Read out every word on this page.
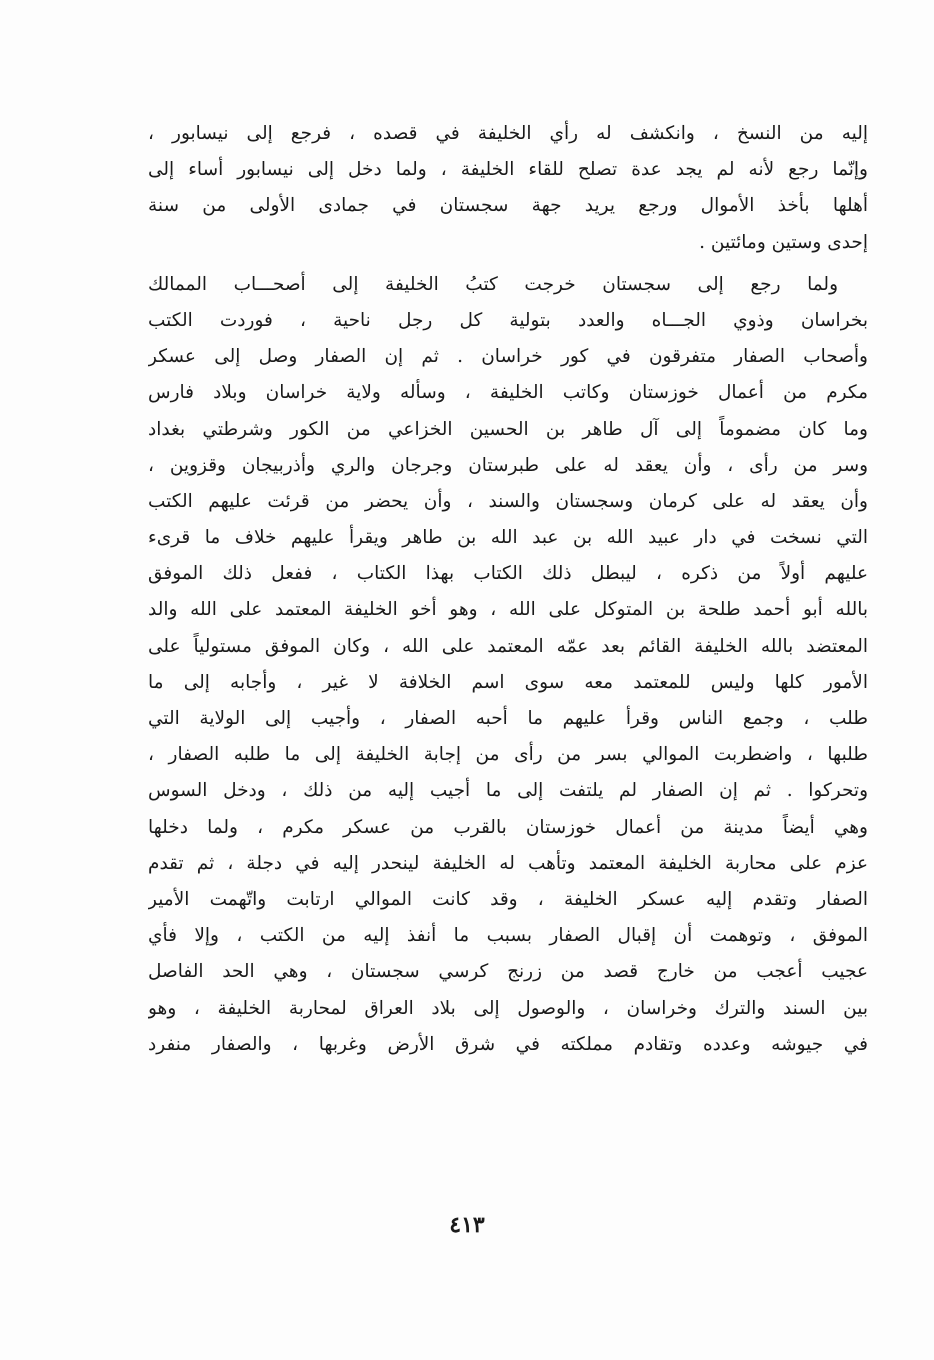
إليه من النسخ ، وانكشف له رأي الخليفة في قصده ، فرجع إلى نيسابور ،
وإنّما رجع لأنه لم يجد عدة تصلح للقاء الخليفة ، ولما دخل إلى نيسابور أساء إلى
أهلها بأخذ الأموال ورجع يريد جهة سجستان في جمادى الأولى من سنة
إحدى وستين ومائتين .

ولما رجع إلى سجستان خرجت كتبُ الخليفة إلى أصحـــاب الممالك
بخراسان وذوي الجـــاه والعدد بتولية كل رجل ناحية ، فوردت الكتب
وأصحاب الصفار متفرقون في كور خراسان . ثم إن الصفار وصل إلى عسكر
مكرم من أعمال خوزستان وكاتب الخليفة ، وسأله ولاية خراسان وبلاد فارس
وما كان مضموماً إلى آل طاهر بن الحسين الخزاعي من الكور وشرطتي بغداد
وسر من رأى ، وأن يعقد له على طبرستان وجرجان والري وأذربيجان وقزوين ،
وأن يعقد له على كرمان وسجستان والسند ، وأن يحضر من قرئت عليهم الكتب
التي نسخت في دار عبيد الله بن عبد الله بن طاهر ويقرأ عليهم خلاف ما قرىء
عليهم أولاً من ذكره ، ليبطل ذلك الكتاب بهذا الكتاب ، ففعل ذلك الموفق
بالله أبو أحمد طلحة بن المتوكل على الله ، وهو أخو الخليفة المعتمد على الله والد
المعتضد بالله الخليفة القائم بعد عمّه المعتمد على الله ، وكان الموفق مستولياً على
الأمور كلها وليس للمعتمد معه سوى اسم الخلافة لا غير ، وأجابه إلى ما
طلب ، وجمع الناس وقرأ عليهم ما أحبه الصفار ، وأجيب إلى الولاية التي
طلبها ، واضطربت الموالي بسر من رأى من إجابة الخليفة إلى ما طلبه الصفار ،
وتحركوا . ثم إن الصفار لم يلتفت إلى ما أجيب إليه من ذلك ، ودخل السوس
وهي أيضاً مدينة من أعمال خوزستان بالقرب من عسكر مكرم ، ولما دخلها
عزم على محاربة الخليفة المعتمد وتأهب له الخليفة لينحدر إليه في دجلة ، ثم تقدم
الصفار وتقدم إليه عسكر الخليفة ، وقد كانت الموالي ارتابت واتّهمت الأمير
الموفق ، وتوهمت أن إقبال الصفار بسبب ما أنفذ إليه من الكتب ، وإلا فأي
عجيب أعجب من خارج قصد من زرنج كرسي سجستان ، وهي الحد الفاصل
بين السند والترك وخراسان ، والوصول إلى بلاد العراق لمحاربة الخليفة ، وهو
في جيوشه وعدده وتقادم مملكته في شرق الأرض وغربها ، والصفار منفرد

٤١٣
